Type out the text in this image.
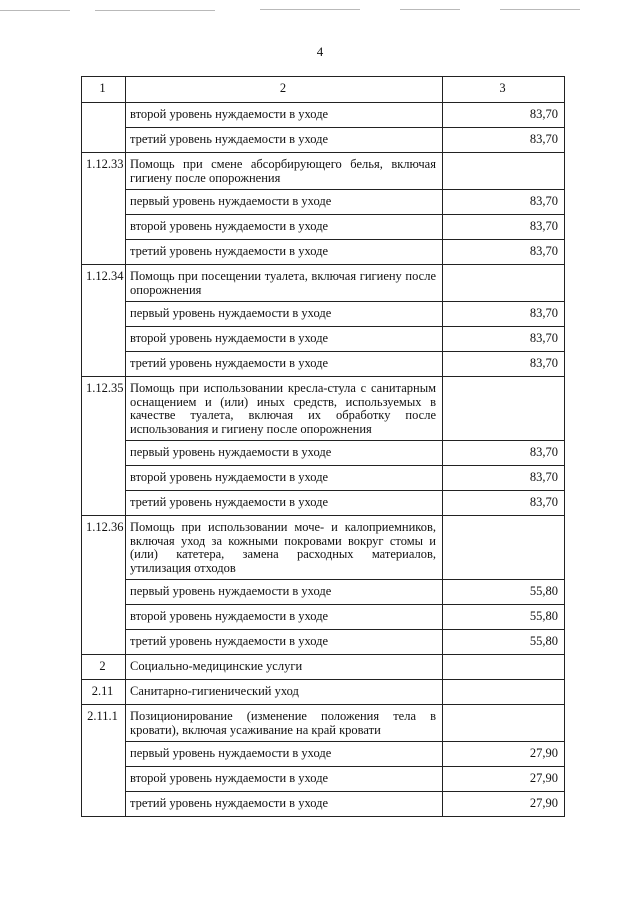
4
1	2	3
	второй уровень нуждаемости в уходе	83,70
	третий уровень нуждаемости в уходе	83,70
1.12.33	Помощь при смене абсорбирующего белья, включая гигиену после опорожнения	
	первый уровень нуждаемости в уходе	83,70
	второй уровень нуждаемости в уходе	83,70
	третий уровень нуждаемости в уходе	83,70
1.12.34	Помощь при посещении туалета, включая гигиену после опорожнения	
	первый уровень нуждаемости в уходе	83,70
	второй уровень нуждаемости в уходе	83,70
	третий уровень нуждаемости в уходе	83,70
1.12.35	Помощь при использовании кресла-стула с санитарным оснащением и (или) иных средств, используемых в качестве туалета, включая их обработку после использования и гигиену после опорожнения	
	первый уровень нуждаемости в уходе	83,70
	второй уровень нуждаемости в уходе	83,70
	третий уровень нуждаемости в уходе	83,70
1.12.36	Помощь при использовании моче- и калоприемников, включая уход за кожными покровами вокруг стомы и (или) катетера, замена расходных материалов, утилизация отходов	
	первый уровень нуждаемости в уходе	55,80
	второй уровень нуждаемости в уходе	55,80
	третий уровень нуждаемости в уходе	55,80
2	Социально-медицинские услуги	
2.11	Санитарно-гигиенический уход	
2.11.1	Позиционирование (изменение положения тела в кровати), включая усаживание на край кровати	
	первый уровень нуждаемости в уходе	27,90
	второй уровень нуждаемости в уходе	27,90
	третий уровень нуждаемости в уходе	27,90
